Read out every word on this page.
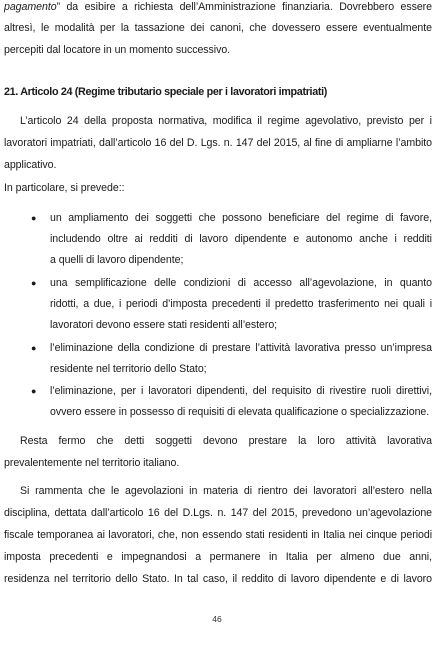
pagamento” da esibire a richiesta dell’Amministrazione finanziaria. Dovrebbero essere
altresì, le modalità per la tassazione dei canoni, che dovessero essere eventualmente
percepiti dal locatore in un momento successivo.
21. Articolo 24 (Regime tributario speciale per i lavoratori impatriati)
L’articolo 24 della proposta normativa, modifica il regime agevolativo, previsto per i
lavoratori impatriati, dall’articolo 16 del D. Lgs. n. 147 del 2015, al fine di ampliarne l’ambito
applicativo.
In particolare, si prevede::
● un ampliamento dei soggetti che possono beneficiare del regime di favore,
includendo oltre ai redditi di lavoro dipendente e autonomo anche i redditi
a quelli di lavoro dipendente;
● una semplificazione delle condizioni di accesso all’agevolazione, in quanto
ridotti, a due, i periodi d’imposta precedenti il predetto trasferimento nei quali i
lavoratori devono essere stati residenti all’estero;
● l’eliminazione della condizione di prestare l’attività lavorativa presso un’impresa
residente nel territorio dello Stato;
● l’eliminazione, per i lavoratori dipendenti, del requisito di rivestire ruoli direttivi,
ovvero essere in possesso di requisiti di elevata qualificazione o specializzazione.
Resta fermo che detti soggetti devono prestare la loro attività lavorativa
prevalentemente nel territorio italiano.
Si rammenta che le agevolazioni in materia di rientro dei lavoratori all’estero nella
disciplina, dettata dall’articolo 16 del D.Lgs. n. 147 del 2015, prevedono un’agevolazione
fiscale temporanea ai lavoratori, che, non essendo stati residenti in Italia nei cinque periodi
imposta precedenti e impegnandosi a permanere in Italia per almeno due anni,
residenza nel territorio dello Stato. In tal caso, il reddito di lavoro dipendente e di lavoro
46
